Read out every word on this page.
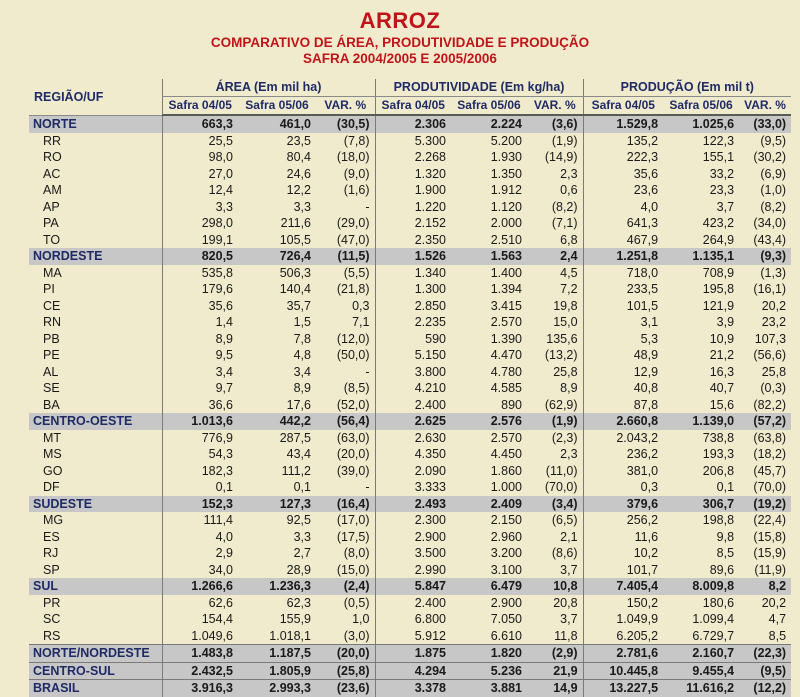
ARROZ
COMPARATIVO DE ÁREA, PRODUTIVIDADE E PRODUÇÃO
SAFRA 2004/2005 E 2005/2006
REGIÃO/UF	ÁREA (Em mil ha)			PRODUTIVIDADE (Em kg/ha)			PRODUÇÃO (Em mil t)		
	Safra 04/05	Safra 05/06	VAR. %	Safra 04/05	Safra 05/06	VAR. %	Safra 04/05	Safra 05/06	VAR. %
NORTE	663,3	461,0	(30,5)	2.306	2.224	(3,6)	1.529,8	1.025,6	(33,0)
RR	25,5	23,5	(7,8)	5.300	5.200	(1,9)	135,2	122,3	(9,5)
RO	98,0	80,4	(18,0)	2.268	1.930	(14,9)	222,3	155,1	(30,2)
AC	27,0	24,6	(9,0)	1.320	1.350	2,3	35,6	33,2	(6,9)
AM	12,4	12,2	(1,6)	1.900	1.912	0,6	23,6	23,3	(1,0)
AP	3,3	3,3	-	1.220	1.120	(8,2)	4,0	3,7	(8,2)
PA	298,0	211,6	(29,0)	2.152	2.000	(7,1)	641,3	423,2	(34,0)
TO	199,1	105,5	(47,0)	2.350	2.510	6,8	467,9	264,9	(43,4)
NORDESTE	820,5	726,4	(11,5)	1.526	1.563	2,4	1.251,8	1.135,1	(9,3)
MA	535,8	506,3	(5,5)	1.340	1.400	4,5	718,0	708,9	(1,3)
PI	179,6	140,4	(21,8)	1.300	1.394	7,2	233,5	195,8	(16,1)
CE	35,6	35,7	0,3	2.850	3.415	19,8	101,5	121,9	20,2
RN	1,4	1,5	7,1	2.235	2.570	15,0	3,1	3,9	23,2
PB	8,9	7,8	(12,0)	590	1.390	135,6	5,3	10,9	107,3
PE	9,5	4,8	(50,0)	5.150	4.470	(13,2)	48,9	21,2	(56,6)
AL	3,4	3,4	-	3.800	4.780	25,8	12,9	16,3	25,8
SE	9,7	8,9	(8,5)	4.210	4.585	8,9	40,8	40,7	(0,3)
BA	36,6	17,6	(52,0)	2.400	890	(62,9)	87,8	15,6	(82,2)
CENTRO-OESTE	1.013,6	442,2	(56,4)	2.625	2.576	(1,9)	2.660,8	1.139,0	(57,2)
MT	776,9	287,5	(63,0)	2.630	2.570	(2,3)	2.043,2	738,8	(63,8)
MS	54,3	43,4	(20,0)	4.350	4.450	2,3	236,2	193,3	(18,2)
GO	182,3	111,2	(39,0)	2.090	1.860	(11,0)	381,0	206,8	(45,7)
DF	0,1	0,1	-	3.333	1.000	(70,0)	0,3	0,1	(70,0)
SUDESTE	152,3	127,3	(16,4)	2.493	2.409	(3,4)	379,6	306,7	(19,2)
MG	111,4	92,5	(17,0)	2.300	2.150	(6,5)	256,2	198,8	(22,4)
ES	4,0	3,3	(17,5)	2.900	2.960	2,1	11,6	9,8	(15,8)
RJ	2,9	2,7	(8,0)	3.500	3.200	(8,6)	10,2	8,5	(15,9)
SP	34,0	28,9	(15,0)	2.990	3.100	3,7	101,7	89,6	(11,9)
SUL	1.266,6	1.236,3	(2,4)	5.847	6.479	10,8	7.405,4	8.009,8	8,2
PR	62,6	62,3	(0,5)	2.400	2.900	20,8	150,2	180,6	20,2
SC	154,4	155,9	1,0	6.800	7.050	3,7	1.049,9	1.099,4	4,7
RS	1.049,6	1.018,1	(3,0)	5.912	6.610	11,8	6.205,2	6.729,7	8,5
NORTE/NORDESTE	1.483,8	1.187,5	(20,0)	1.875	1.820	(2,9)	2.781,6	2.160,7	(22,3)
CENTRO-SUL	2.432,5	1.805,9	(25,8)	4.294	5.236	21,9	10.445,8	9.455,4	(9,5)
BRASIL	3.916,3	2.993,3	(23,6)	3.378	3.881	14,9	13.227,5	11.616,2	(12,2)
